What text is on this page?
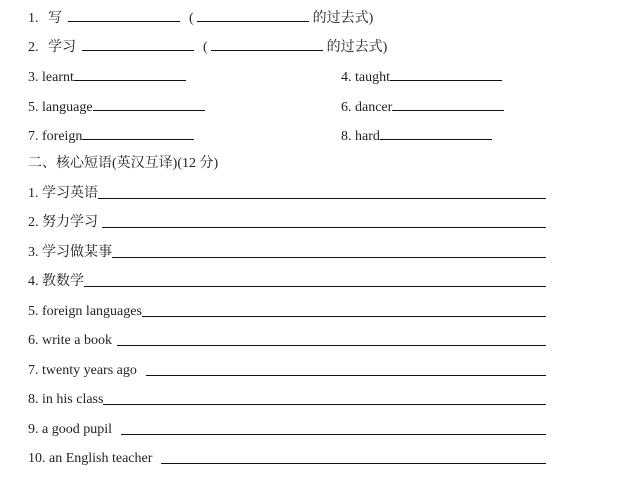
1. 写	(	的过去式)
2. 学习	(	的过去式)
3. learnt	4. taught
5. language	6. dancer
7. foreign	8. hard
二、核心短语(英汉互译)(12 分)
1. 学习英语
2. 努力学习
3. 学习做某事
4. 教数学
5. foreign languages
6. write a book
7. twenty years ago
8. in his class
9. a good pupil
10. an English teacher
